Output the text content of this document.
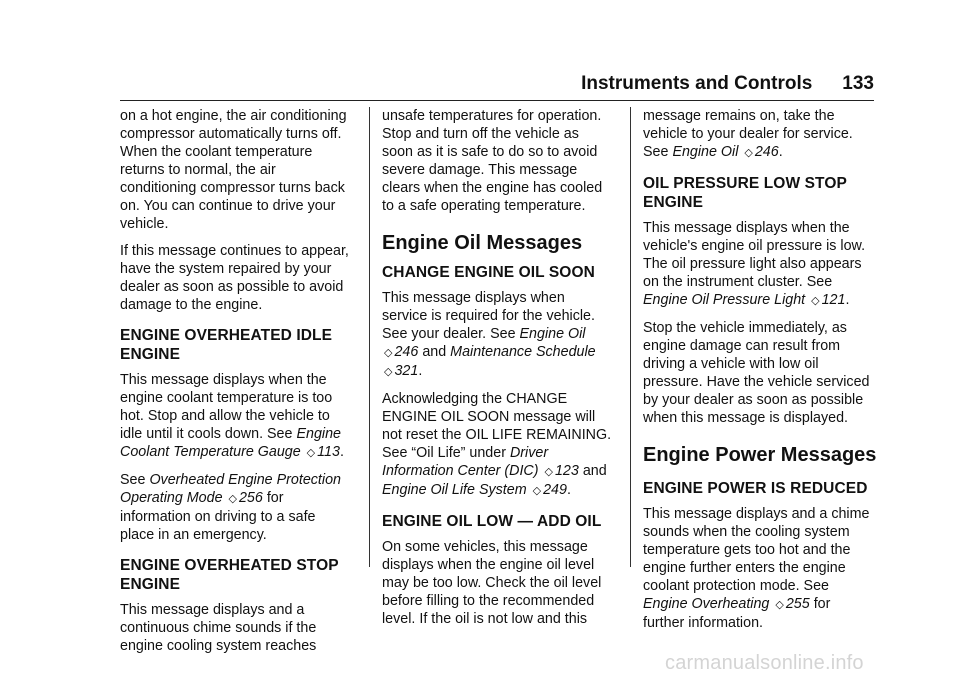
Instruments and Controls 133

on a hot engine, the air conditioning
compressor automatically turns off.
When the coolant temperature
returns to normal, the air
conditioning compressor turns back
on. You can continue to drive your
vehicle.

If this message continues to appear,
have the system repaired by your
dealer as soon as possible to avoid
damage to the engine.

ENGINE OVERHEATED IDLE
ENGINE

This message displays when the
engine coolant temperature is too
hot. Stop and allow the vehicle to
idle until it cools down. See Engine
Coolant Temperature Gauge ◇ 113.

See Overheated Engine Protection
Operating Mode ◇ 256 for
information on driving to a safe
place in an emergency.

ENGINE OVERHEATED STOP
ENGINE

This message displays and a
continuous chime sounds if the
engine cooling system reaches

unsafe temperatures for operation.
Stop and turn off the vehicle as
soon as it is safe to do so to avoid
severe damage. This message
clears when the engine has cooled
to a safe operating temperature.

Engine Oil Messages
CHANGE ENGINE OIL SOON

This message displays when
service is required for the vehicle.
See your dealer. See Engine Oil
◇ 246 and Maintenance Schedule
◇ 321.

Acknowledging the CHANGE
ENGINE OIL SOON message will
not reset the OIL LIFE REMAINING.
See “Oil Life” under Driver
Information Center (DIC) ◇ 123 and
Engine Oil Life System ◇ 249.

ENGINE OIL LOW — ADD OIL

On some vehicles, this message
displays when the engine oil level
may be too low. Check the oil level
before filling to the recommended
level. If the oil is not low and this

message remains on, take the
vehicle to your dealer for service.
See Engine Oil ◇ 246.

OIL PRESSURE LOW STOP
ENGINE

This message displays when the
vehicle's engine oil pressure is low.
The oil pressure light also appears
on the instrument cluster. See
Engine Oil Pressure Light ◇ 121.

Stop the vehicle immediately, as
engine damage can result from
driving a vehicle with low oil
pressure. Have the vehicle serviced
by your dealer as soon as possible
when this message is displayed.

Engine Power Messages
ENGINE POWER IS REDUCED

This message displays and a chime
sounds when the cooling system
temperature gets too hot and the
engine further enters the engine
coolant protection mode. See
Engine Overheating ◇ 255 for
further information.

carmanualsonline.info
